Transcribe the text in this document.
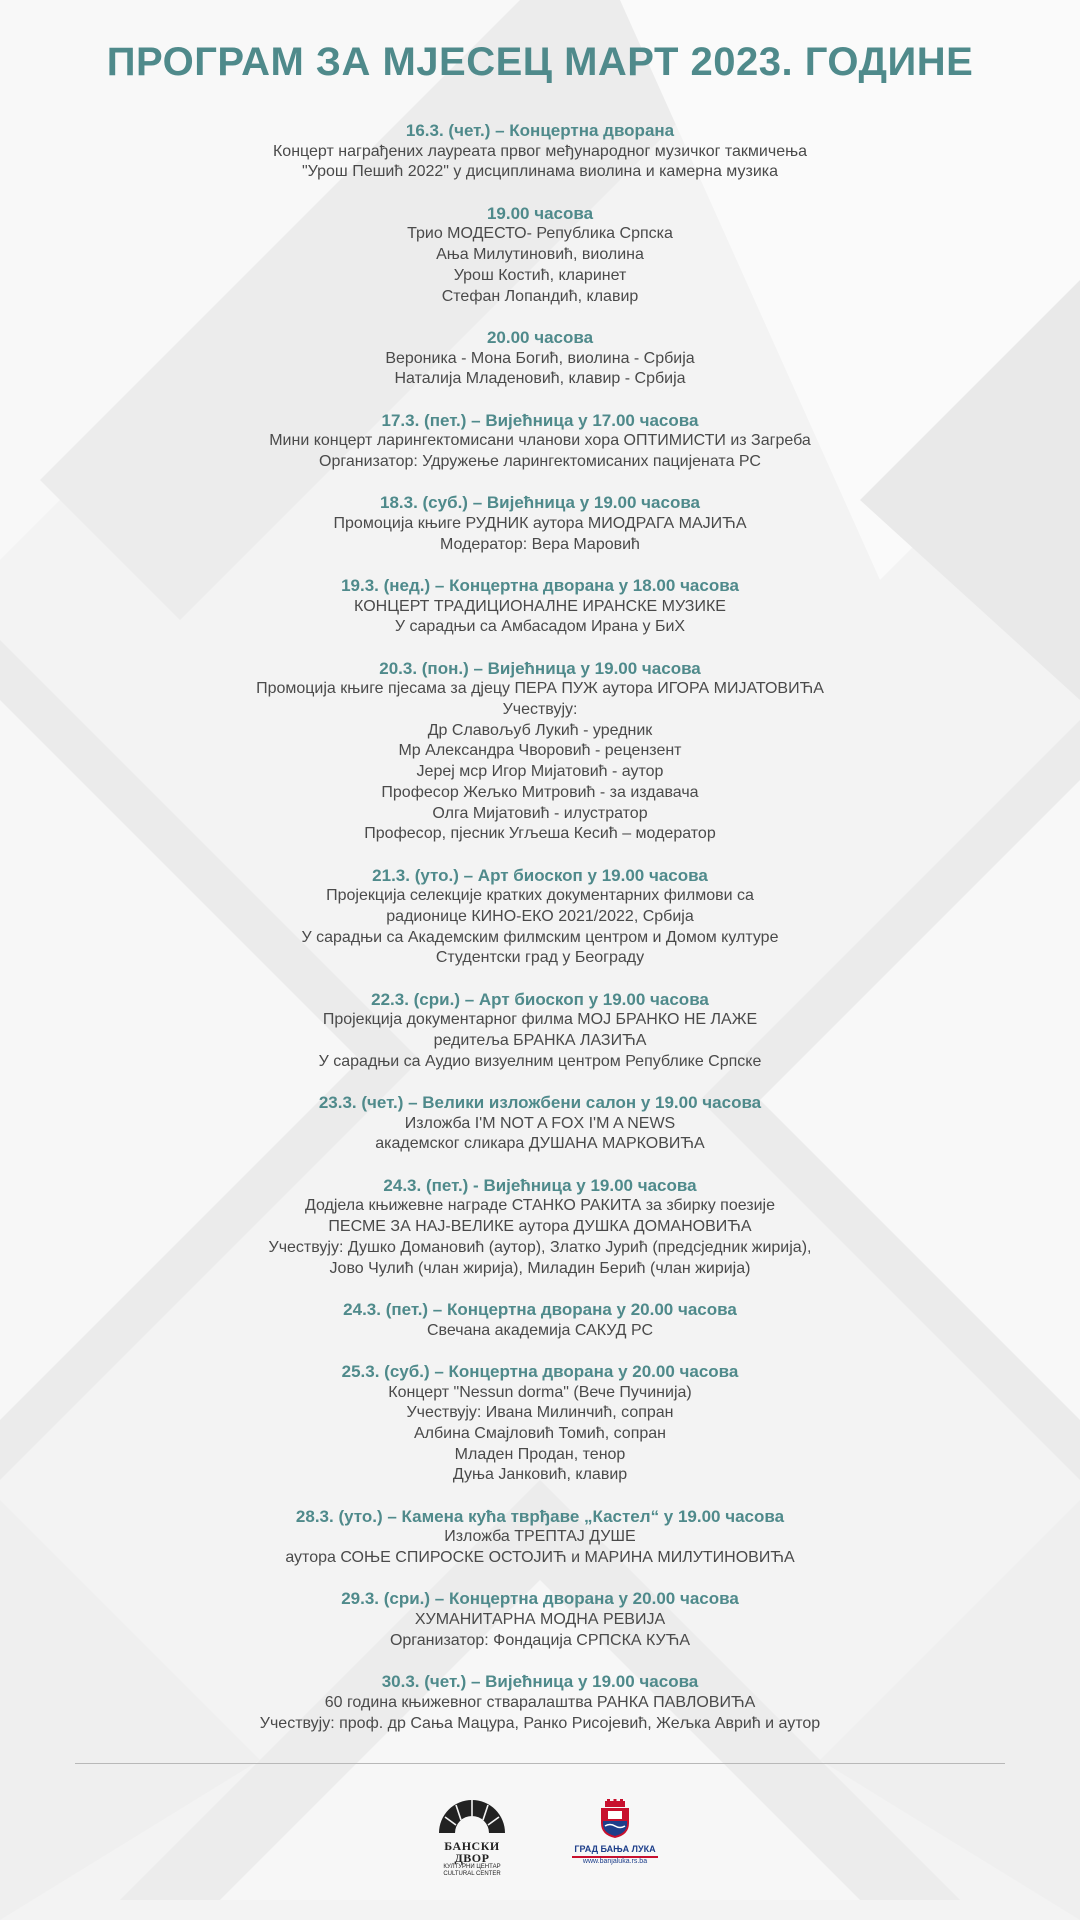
ПРОГРАМ ЗА МЈЕСЕЦ МАРТ 2023. ГОДИНЕ
16.3. (чет.) – Концертна дворана
Концерт награђених лауреата првог међународног музичког такмичења
"Урош Пешић 2022" у дисциплинама виолина и камерна музика
19.00 часова
Трио МОДЕСТО- Република Српска
Ања Милутиновић, виолина
Урош Костић, кларинет
Стефан Лопандић, клавир
20.00 часова
Вероника - Мона Богић, виолина - Србија
Наталија Младеновић, клавир - Србија
17.3. (пет.) – Вијећница у 17.00 часова
Мини концерт ларингектомисани чланови хора ОПТИМИСТИ из Загреба
Организатор: Удружење ларингектомисаних пацијената РС
18.3. (суб.) – Вијећница у 19.00 часова
Промоција књиге РУДНИК аутора МИОДРАГА МАЈИЋА
Модератор: Вера Маровић
19.3. (нед.) – Концертна дворана у 18.00 часова
КОНЦЕРТ ТРАДИЦИОНАЛНЕ ИРАНСКЕ МУЗИКЕ
У сарадњи са Амбасадом Ирана у БиХ
20.3. (пон.) – Вијећница у 19.00 часова
Промоција књиге пјесама за дјецу ПЕРА ПУЖ аутора ИГОРА МИЈАТОВИЋА
Учествују:
Др Славољуб Лукић - уредник
Мр Александра Чворовић - рецензент
Јереј мср Игор Мијатовић - аутор
Професор Жељко Митровић - за издавача
Олга Мијатовић - илустратор
Професор, пјесник Угљеша Кесић – модератор
21.3. (уто.) – Арт биоскоп у 19.00 часова
Пројекција селекције кратких документарних филмови са
радионице КИНО-ЕКО 2021/2022, Србија
У сарадњи са Академским филмским центром и Домом културе
Студентски град у Београду
22.3. (сри.) – Арт биоскоп у 19.00 часова
Пројекција документарног филма МОЈ БРАНКО НЕ ЛАЖЕ
редитеља БРАНКА ЛАЗИЋА
У сарадњи са Аудио визуелним центром Републике Српске
23.3. (чет.) – Велики изложбени салон у 19.00 часова
Изложба I'M NOT A FOX I'M A NEWS
академског сликара ДУШАНА МАРКОВИЋА
24.3. (пет.) - Вијећница у 19.00 часова
Додјела књижевне награде СТАНКО РАКИТА за збирку поезије
ПЕСМЕ ЗА НАЈ-ВЕЛИКЕ аутора ДУШКА ДОМАНОВИЋА
Учествују: Душко Домановић (аутор), Златко Јурић (предсједник жирија),
Јово Чулић (члан жирија), Миладин Берић (члан жирија)
24.3. (пет.) – Концертна дворана у 20.00 часова
Свечана академија САКУД РС
25.3. (суб.) – Концертна дворана у 20.00 часова
Концерт "Nessun dorma" (Вече Пучинија)
Учествују: Ивана Милинчић, сопран
Албина Смајловић Томић, сопран
Младен Продан, тенор
Дуња Јанковић, клавир
28.3. (уто.) – Камена кућа тврђаве „Кастел“ у 19.00 часова
Изложба ТРЕПТАЈ ДУШЕ
аутора СОЊЕ СПИРОСКЕ ОСТОЈИЋ и МАРИНА МИЛУТИНОВИЋА
29.3. (сри.) – Концертна дворана у 20.00 часова
ХУМАНИТАРНА МОДНА РЕВИЈА
Организатор: Фондација СРПСКА КУЋА
30.3. (чет.) – Вијећница у 19.00 часова
60 година књижевног стваралаштва РАНКА ПАВЛОВИЋА
Учествују: проф. др Сања Мацура, Ранко Рисојевић, Жељка Аврић и аутор
БАНСКИ ДВОР
КУЛТУРНИ ЦЕНТАР
CULTURAL CENTER
ГРАД БАЊА ЛУКА
www.banjaluka.rs.ba
